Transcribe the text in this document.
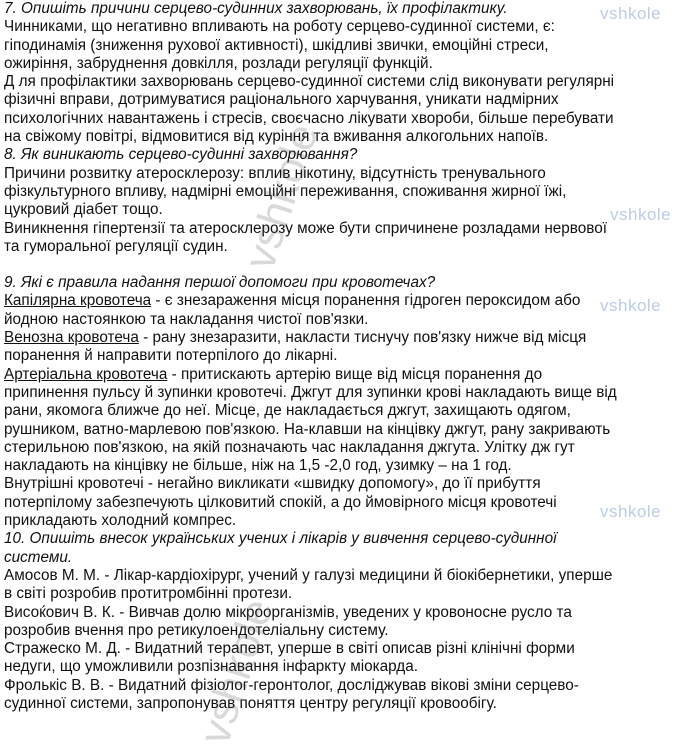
7. Опишіть причини серцево-судинних захворювань, їх профілактику.

Чинниками, що негативно впливають на роботу серцево-судинної системи, є:

гіподинамія (зниження рухової активності), шкідливі звички, емоційні стреси,

ожиріння, забруднення довкілля, розлади регуляції функцій.

Д ля профілактики захворювань серцево-судинної системи слід виконувати регулярні

фізичні вправи, дотримуватися раціонального харчування, уникати надмірних

психологічних навантажень і стресів, своєчасно лікувати хвороби, більше перебувати

на свіжому повітрі, відмовитися від куріння та вживання алкогольних напоїв.

8. Як виникають серцево-судинні захворювання?

Причини розвитку атеросклерозу: вплив нікотину, відсутність тренувального

фізкультурного впливу, надмірні емоційні переживання, споживання жирної їжі,

цукровий діабет тощо.

Виникнення гіпертензії та атеросклерозу може бути спричинене розладами нервової

та гуморальної регуляції судин.

9. Які є правила надання першої допомоги при кровотечах?

Капілярна кровотеча - є знезараження місця поранення гідроген пероксидом або

йодною настоянкою та накладання чистої пов'язки.

Венозна кровотеча - рану знезаразити, накласти тиснучу пов'язку нижче від місця

поранення й направити потерпілого до лікарні.

Артеріальна кровотеча - притискають артерію вище від місця поранення до

припинення пульсу й зупинки кровотечі. Джгут для зупинки крові накладають вище від

рани, якомога ближче до неї. Місце, де накладається джгут, захищають одягом,

рушником, ватно-марлевою пов'язкою. На-клавши на кінцівку джгут, рану закривають

стерильною пов'язкою, на якій позначають час накладання джгута. Улітку дж гут

накладають на кінцівку не більше, ніж на 1,5 -2,0 год, узимку – на 1 год.

Внутрішні кровотечі - негайно викликати «швидку допомогу», до її прибуття

потерпілому забезпечують цілковитий спокій, а до ймовірного місця кровотечі

прикладають холодний компрес.

10. Опишіть внесок українських учених і лікарів у вивчення серцево-судинної

системи.

Амосов М. М. - Лікар-кардіохірург, учений у галузі медицини й біокібернетики, уперше

в світі розробив протитромбінні протези.

Висоќович В. К. - Вивчав долю мікроорганізмів, уведених у кровоносне русло та

розробив вчення про ретикулоендотеліальну систему.

Стражеско М. Д. - Видатний терапевт, уперше в світі описав різні клінічні форми

недуги, що уможливили розпізнавання інфаркту міокарда.

Фролькіс В. В. - Видатний фізіолог-геронтолог, досліджував вікові зміни серцево-

судинної системи, запропонував поняття центру регуляції кровообігу.

vshkole
vshkole
vshkole
vshkole
vshkole
vshkole
